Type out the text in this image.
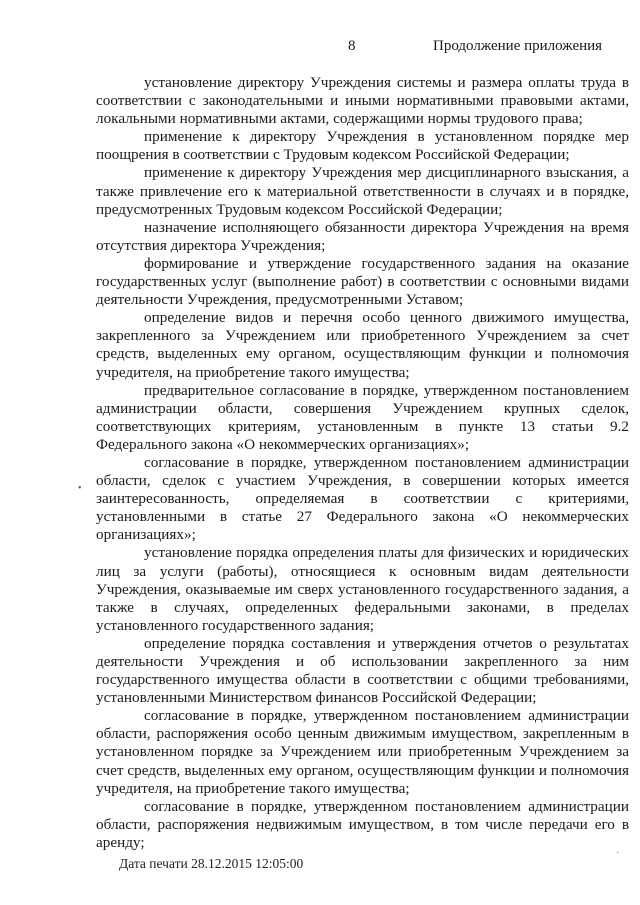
8	Продолжение приложения

установление директору Учреждения системы и размера оплаты труда в соответствии с законодательными и иными нормативными правовыми актами, локальными нормативными актами, содержащими нормы трудового права;

применение к директору Учреждения в установленном порядке мер поощрения в соответствии с Трудовым кодексом Российской Федерации;

применение к директору Учреждения мер дисциплинарного взыскания, а также привлечение его к материальной ответственности в случаях и в порядке, предусмотренных Трудовым кодексом Российской Федерации;

назначение исполняющего обязанности директора Учреждения на время отсутствия директора Учреждения;

формирование и утверждение государственного задания на оказание государственных услуг (выполнение работ) в соответствии с основными видами деятельности Учреждения, предусмотренными Уставом;

определение видов и перечня особо ценного движимого имущества, закрепленного за Учреждением или приобретенного Учреждением за счет средств, выделенных ему органом, осуществляющим функции и полномочия учредителя, на приобретение такого имущества;

предварительное согласование в порядке, утвержденном постановлением администрации области, совершения Учреждением крупных сделок, соответствующих критериям, установленным в пункте 13 статьи 9.2 Федерального закона «О некоммерческих организациях»;

согласование в порядке, утвержденном постановлением администрации области, сделок с участием Учреждения, в совершении которых имеется заинтересованность, определяемая в соответствии с критериями, установленными в статье 27 Федерального закона «О некоммерческих организациях»;

установление порядка определения платы для физических и юридических лиц за услуги (работы), относящиеся к основным видам деятельности Учреждения, оказываемые им сверх установленного государственного задания, а также в случаях, определенных федеральными законами, в пределах установленного государственного задания;

определение порядка составления и утверждения отчетов о результатах деятельности Учреждения и об использовании закрепленного за ним государственного имущества области в соответствии с общими требованиями, установленными Министерством финансов Российской Федерации;

согласование в порядке, утвержденном постановлением администрации области, распоряжения особо ценным движимым имуществом, закрепленным в установленном порядке за Учреждением или приобретенным Учреждением за счет средств, выделенных ему органом, осуществляющим функции и полномочия учредителя, на приобретение такого имущества;

согласование в порядке, утвержденном постановлением администрации области, распоряжения недвижимым имуществом, в том числе передачи его в аренду;

•
·
Дата печати 28.12.2015 12:05:00
